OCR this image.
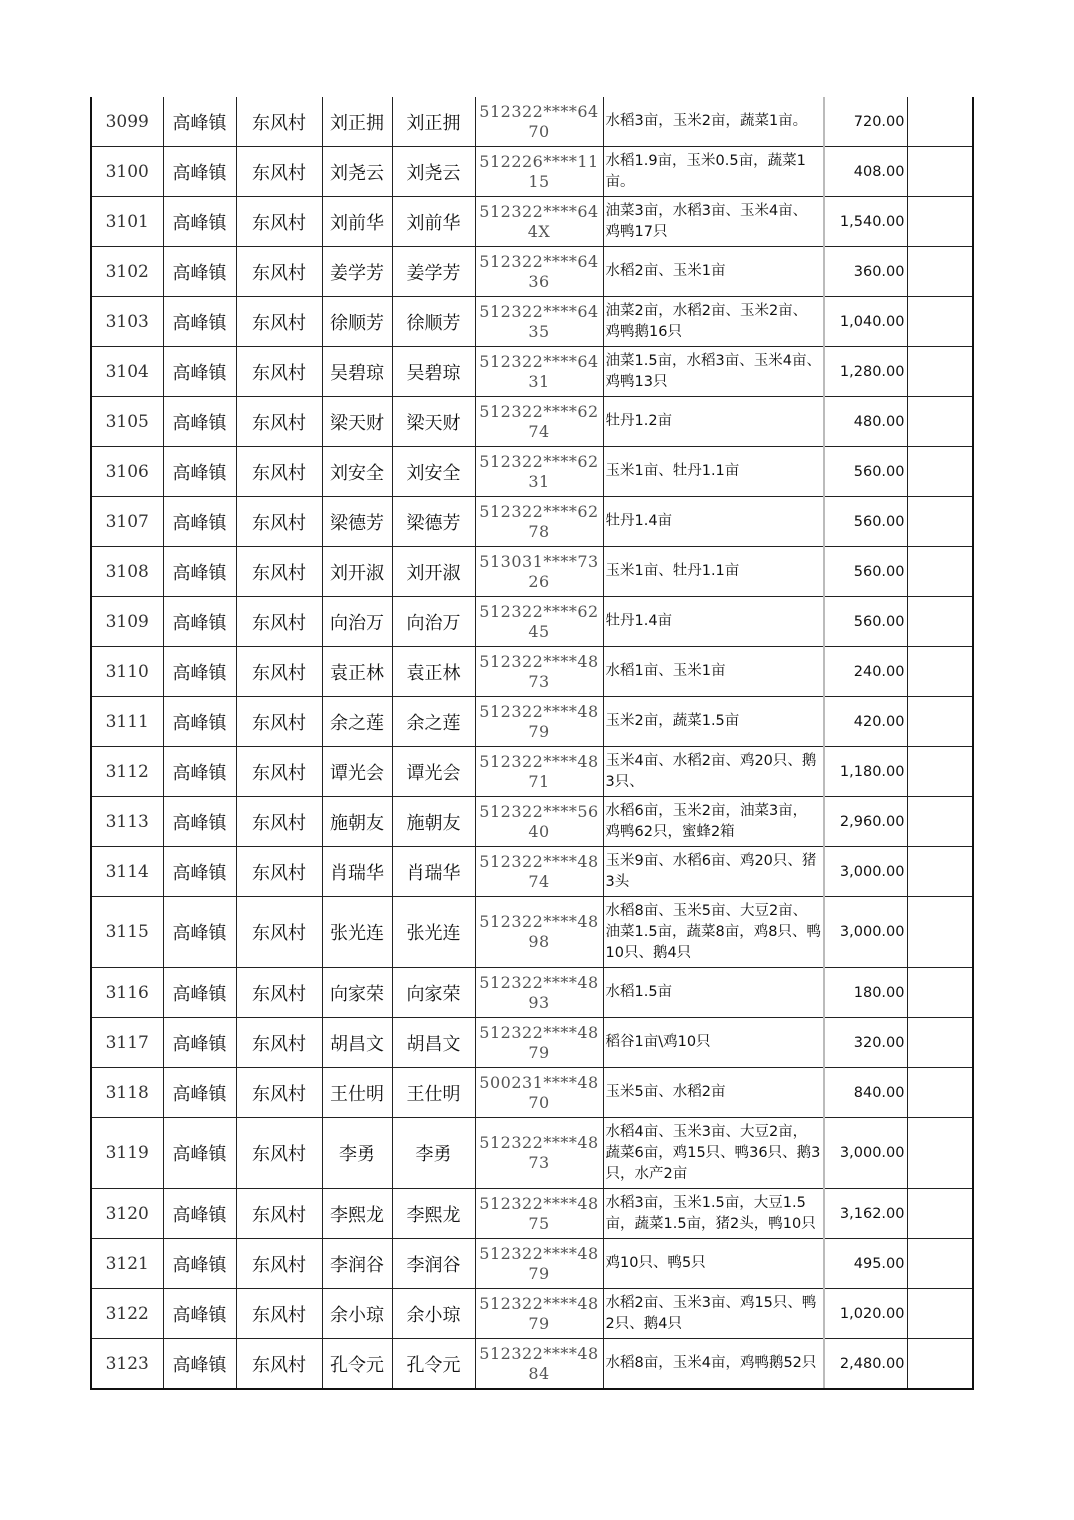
3099	高峰镇	东风村	刘正拥	刘正拥	512322****6470	水稻3亩，玉米2亩，蔬菜1亩。	720.00	
3100	高峰镇	东风村	刘尧云	刘尧云	512226****1115	水稻1.9亩，玉米0.5亩，蔬菜1亩。	408.00	
3101	高峰镇	东风村	刘前华	刘前华	512322****644X	油菜3亩，水稻3亩、玉米4亩、鸡鸭17只	1,540.00	
3102	高峰镇	东风村	姜学芳	姜学芳	512322****6436	水稻2亩、玉米1亩	360.00	
3103	高峰镇	东风村	徐顺芳	徐顺芳	512322****6435	油菜2亩，水稻2亩、玉米2亩、鸡鸭鹅16只	1,040.00	
3104	高峰镇	东风村	吴碧琼	吴碧琼	512322****6431	油菜1.5亩，水稻3亩、玉米4亩、鸡鸭13只	1,280.00	
3105	高峰镇	东风村	梁天财	梁天财	512322****6274	牡丹1.2亩	480.00	
3106	高峰镇	东风村	刘安全	刘安全	512322****6231	玉米1亩、牡丹1.1亩	560.00	
3107	高峰镇	东风村	梁德芳	梁德芳	512322****6278	牡丹1.4亩	560.00	
3108	高峰镇	东风村	刘开淑	刘开淑	513031****7326	玉米1亩、牡丹1.1亩	560.00	
3109	高峰镇	东风村	向治万	向治万	512322****6245	牡丹1.4亩	560.00	
3110	高峰镇	东风村	袁正林	袁正林	512322****4873	水稻1亩、玉米1亩	240.00	
3111	高峰镇	东风村	余之莲	余之莲	512322****4879	玉米2亩，蔬菜1.5亩	420.00	
3112	高峰镇	东风村	谭光会	谭光会	512322****4871	玉米4亩、水稻2亩、鸡20只、鹅3只、	1,180.00	
3113	高峰镇	东风村	施朝友	施朝友	512322****5640	水稻6亩，玉米2亩，油菜3亩，鸡鸭62只，蜜蜂2箱	2,960.00	
3114	高峰镇	东风村	肖瑞华	肖瑞华	512322****4874	玉米9亩、水稻6亩、鸡20只、猪3头	3,000.00	
3115	高峰镇	东风村	张光连	张光连	512322****4898	水稻8亩、玉米5亩、大豆2亩、油菜1.5亩，蔬菜8亩，鸡8只、鸭10只、鹅4只	3,000.00	
3116	高峰镇	东风村	向家荣	向家荣	512322****4893	水稻1.5亩	180.00	
3117	高峰镇	东风村	胡昌文	胡昌文	512322****4879	稻谷1亩\鸡10只	320.00	
3118	高峰镇	东风村	王仕明	王仕明	500231****4870	玉米5亩、水稻2亩	840.00	
3119	高峰镇	东风村	李勇	李勇	512322****4873	水稻4亩、玉米3亩、大豆2亩，蔬菜6亩，鸡15只、鸭36只、鹅3只，水产2亩	3,000.00	
3120	高峰镇	东风村	李熙龙	李熙龙	512322****4875	水稻3亩，玉米1.5亩，大豆1.5亩，蔬菜1.5亩，猪2头，鸭10只	3,162.00	
3121	高峰镇	东风村	李润谷	李润谷	512322****4879	鸡10只、鸭5只	495.00	
3122	高峰镇	东风村	余小琼	余小琼	512322****4879	水稻2亩、玉米3亩、鸡15只、鸭2只、鹅4只	1,020.00	
3123	高峰镇	东风村	孔令元	孔令元	512322****4884	水稻8亩，玉米4亩，鸡鸭鹅52只	2,480.00	
